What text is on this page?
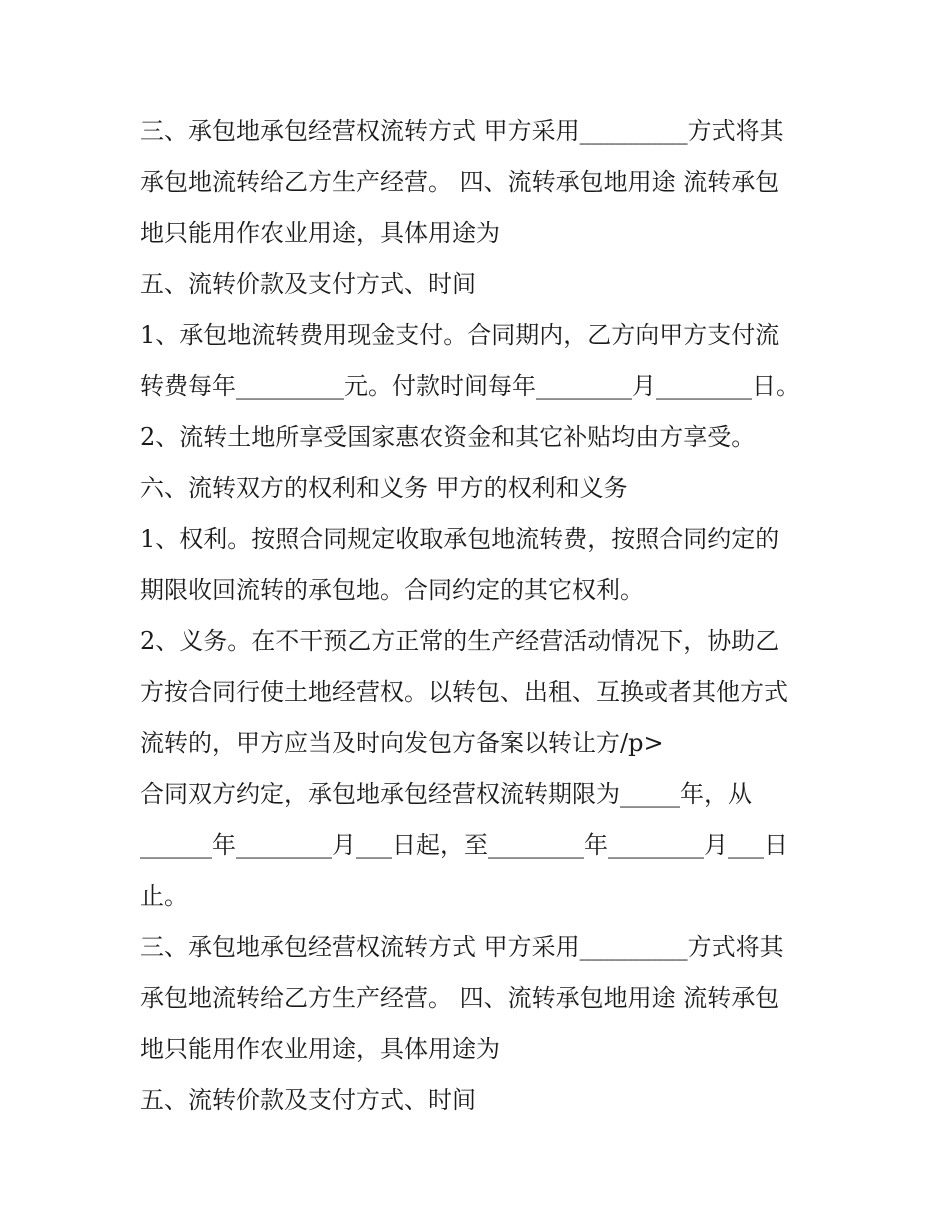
三、承包地承包经营权流转方式 甲方采用_________方式将其
承包地流转给乙方生产经营。 四、流转承包地用途 流转承包
地只能用作农业用途，具体用途为
五、流转价款及支付方式、时间
1、承包地流转费用现金支付。合同期内，乙方向甲方支付流
转费每年_________元。付款时间每年________月________日。
2、流转土地所享受国家惠农资金和其它补贴均由方享受。
六、流转双方的权利和义务 甲方的权利和义务
1、权利。按照合同规定收取承包地流转费，按照合同约定的
期限收回流转的承包地。合同约定的其它权利。
2、义务。在不干预乙方正常的生产经营活动情况下，协助乙
方按合同行使土地经营权。以转包、出租、互换或者其他方式
流转的，甲方应当及时向发包方备案以转让方/p>
合同双方约定，承包地承包经营权流转期限为_____年，从
______年________月___日起，至________年________月___日
止。
三、承包地承包经营权流转方式 甲方采用_________方式将其
承包地流转给乙方生产经营。 四、流转承包地用途 流转承包
地只能用作农业用途，具体用途为
五、流转价款及支付方式、时间
